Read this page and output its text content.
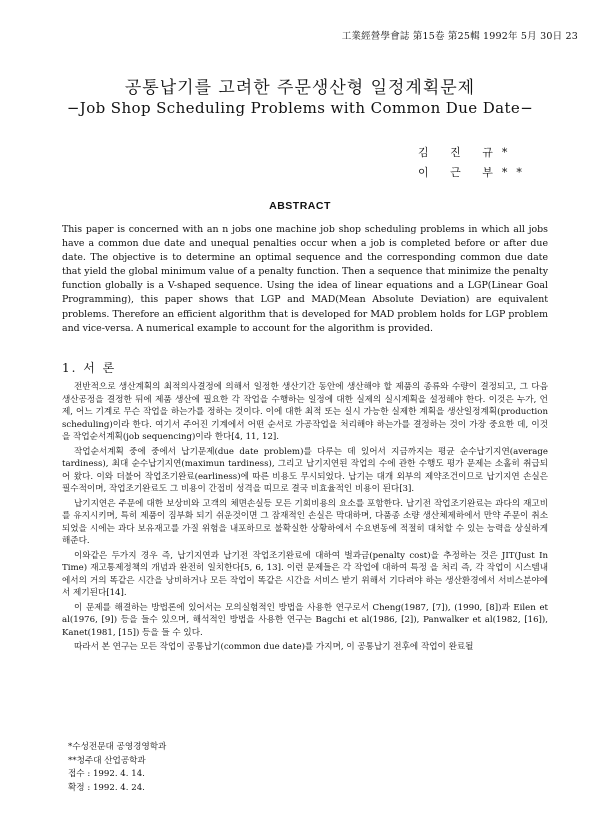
工業經營學會誌 第15卷 第25輯 1992年 5月 30日 23
공통납기를 고려한 주문생산형 일정계획문제
−Job Shop Scheduling Problems with Common Due Date−
김 진 규*
이 근 부**
ABSTRACT
This paper is concerned with an n jobs one machine job shop scheduling problems in which all jobs have a common due date and unequal penalties occur when a job is completed before or after due date. The objective is to determine an optimal sequence and the corresponding common due date that yield the global minimum value of a penalty function. Then a sequence that minimize the penalty function globally is a V-shaped sequence. Using the idea of linear equations and a LGP(Linear Goal Programming), this paper shows that LGP and MAD(Mean Absolute Deviation) are equivalent problems. Therefore an efficient algorithm that is developed for MAD problem holds for LGP problem and vice-versa. A numerical example to account for the algorithm is provided.
1. 서 론

전반적으로 생산계획의 최적의사결정에 의해서 일정한 생산기간 동안에 생산해야 할 제품의 종류와 수량이 결정되고, 그 다음 생산공정을 결정한 뒤에 제품 생산에 필요한 각 작업을 수행하는 일정에 대한 실제의 실시계획을 설정해야 한다. 이것은 누가, 언제, 어느 기계로 무슨 작업을 하는가를 정하는 것이다. 이에 대한 최적 또는 실시 가능한 실제한 계획을 생산일정계획(production scheduling)이라 한다. 여기서 주어진 기계에서 어떤 순서로 가공작업을 처리해야 하는가를 결정하는 것이 가장 중요한 데, 이것을 작업순서계획(job sequencing)이라 한다[4, 11, 12].

작업순서계획 중에 중에서 납기문제(due date problem)를 다루는 데 있어서 지금까지는 평균 순수납기지연(average tardiness), 최대 순수납기지연(maximun tardiness), 그리고 납기지연된 작업의 수에 관한 수행도 평가 문제는 소홀히 취급되어 왔다. 이와 더불어 작업조기완료(earliness)에 따른 비용도 무시되었다. 납기는 대개 외부의 제약조건이므로 납기지연 손실은 필수적이며, 작업조기완료도 그 비용이 간접비 성격을 띠므로 결국 비효율적인 비용이 된다[3].

납기지연은 주문에 대한 보상비와 고객의 체면손실등 모든 기회비용의 요소를 포함한다. 납기전 작업조기완료는 과다의 재고비를 유지시키며, 특히 제품이 짐부화 되기 쉬운것이면 그 잠재적인 손실은 막대하며, 다품종 소량 생산체제하에서 만약 주문이 취소되었을 시에는 과다 보유재고를 가질 위험을 내포하므로 불확실한 상황하에서 수요변동에 적절히 대처할 수 있는 능력을 상실하게 해준다.

이와같은 두가지 경우 즉, 납기지연과 납기전 작업조기완료에 대하여 벌과금(penalty cost)을 추정하는 것은 JIT(Just In Time) 재고통제정책의 개념과 완전히 일치한다[5, 6, 13]. 이런 문제들은 각 작업에 대하여 특정 을 처리 즉, 각 작업이 시스템내에서의 거의 똑같은 시간을 낭비하거나 모든 작업이 똑같은 시간을 서비스 받기 위해서 기다려야 하는 생산환경에서 서비스분야에서 제기된다[14].

이 문제를 해결하는 방법론에 있어서는 모의실험적인 방법을 사용한 연구로서 Cheng(1987, [7]), (1990, [8])과 Eilen et al(1976, [9]) 등을 들수 있으며, 해석적인 방법을 사용한 연구는 Bagchi et al(1986, [2]), Panwalker et al(1982, [16]), Kanet(1981, [15]) 등을 들 수 있다.

따라서 본 연구는 모든 작업이 공통납기(common due date)를 가지며, 이 공통납기 전후에 작업이 완료될

*수성전문대 공영경영학과
**청주대 산업공학과
접수 : 1992. 4. 14.
확정 : 1992. 4. 24.
